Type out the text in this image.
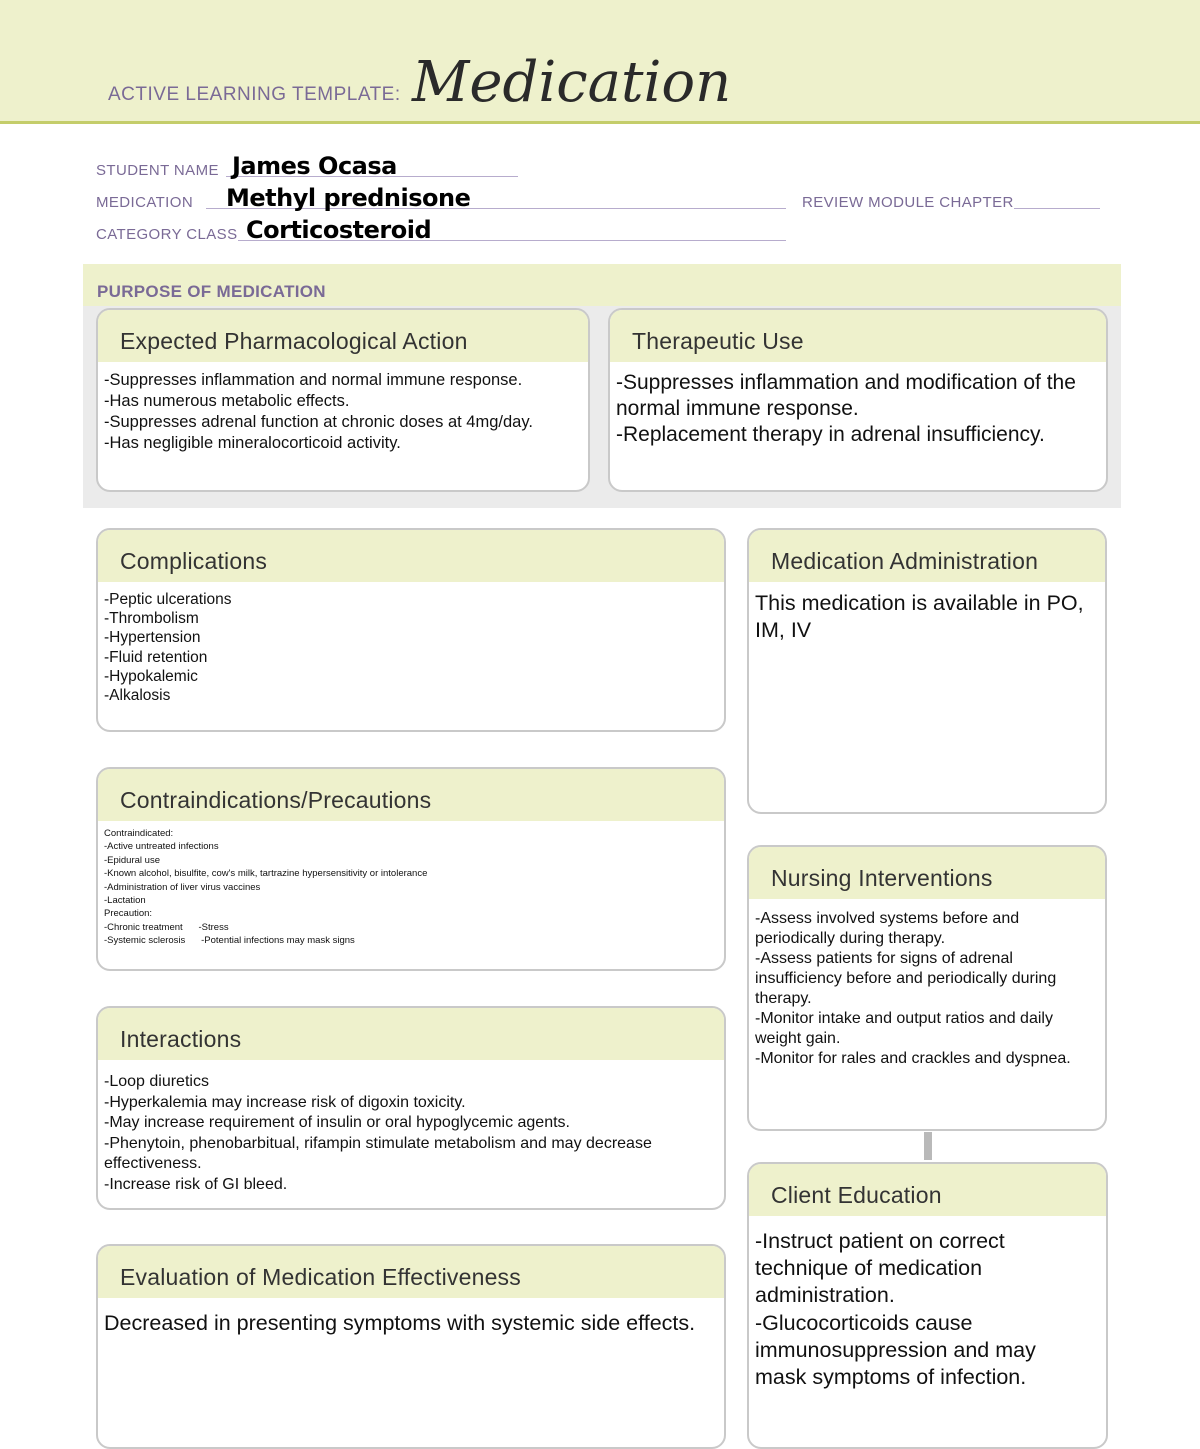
ACTIVE LEARNING TEMPLATE: Medication
STUDENT NAME James Ocasa
MEDICATION Methyl prednisone	REVIEW MODULE CHAPTER
CATEGORY CLASS Corticosteroid
PURPOSE OF MEDICATION
Expected Pharmacological Action
-Suppresses inflammation and normal immune response.
-Has numerous metabolic effects.
-Suppresses adrenal function at chronic doses at 4mg/day.
-Has negligible mineralocorticoid activity.
Therapeutic Use
-Suppresses inflammation and modification of the normal immune response.
-Replacement therapy in adrenal insufficiency.
Complications
-Peptic ulcerations
-Thrombolism
-Hypertension
-Fluid retention
-Hypokalemic
-Alkalosis
Contraindications/Precautions
Contraindicated:
-Active untreated infections
-Epidural use
-Known alcohol, bisulfite, cow's milk, tartrazine hypersensitivity or intolerance
-Administration of liver virus vaccines
-Lactation
Precaution:
-Chronic treatment      -Stress
-Systemic sclerosis      -Potential infections may mask signs
Interactions
-Loop diuretics
-Hyperkalemia may increase risk of digoxin toxicity.
-May increase requirement of insulin or oral hypoglycemic agents.
-Phenytoin, phenobarbitual, rifampin stimulate metabolism and may decrease effectiveness.
-Increase risk of GI bleed.
Evaluation of Medication Effectiveness
Decreased in presenting symptoms with systemic side effects.
Medication Administration
This medication is available in PO, IM, IV
Nursing Interventions
-Assess involved systems before and periodically during therapy.
-Assess patients for signs of adrenal insufficiency before and periodically during therapy.
-Monitor intake and output ratios and daily weight gain.
-Monitor for rales and crackles and dyspnea.
Client Education
-Instruct patient on correct technique of medication administration.
-Glucocorticoids cause immunosuppression and may mask symptoms of infection.
